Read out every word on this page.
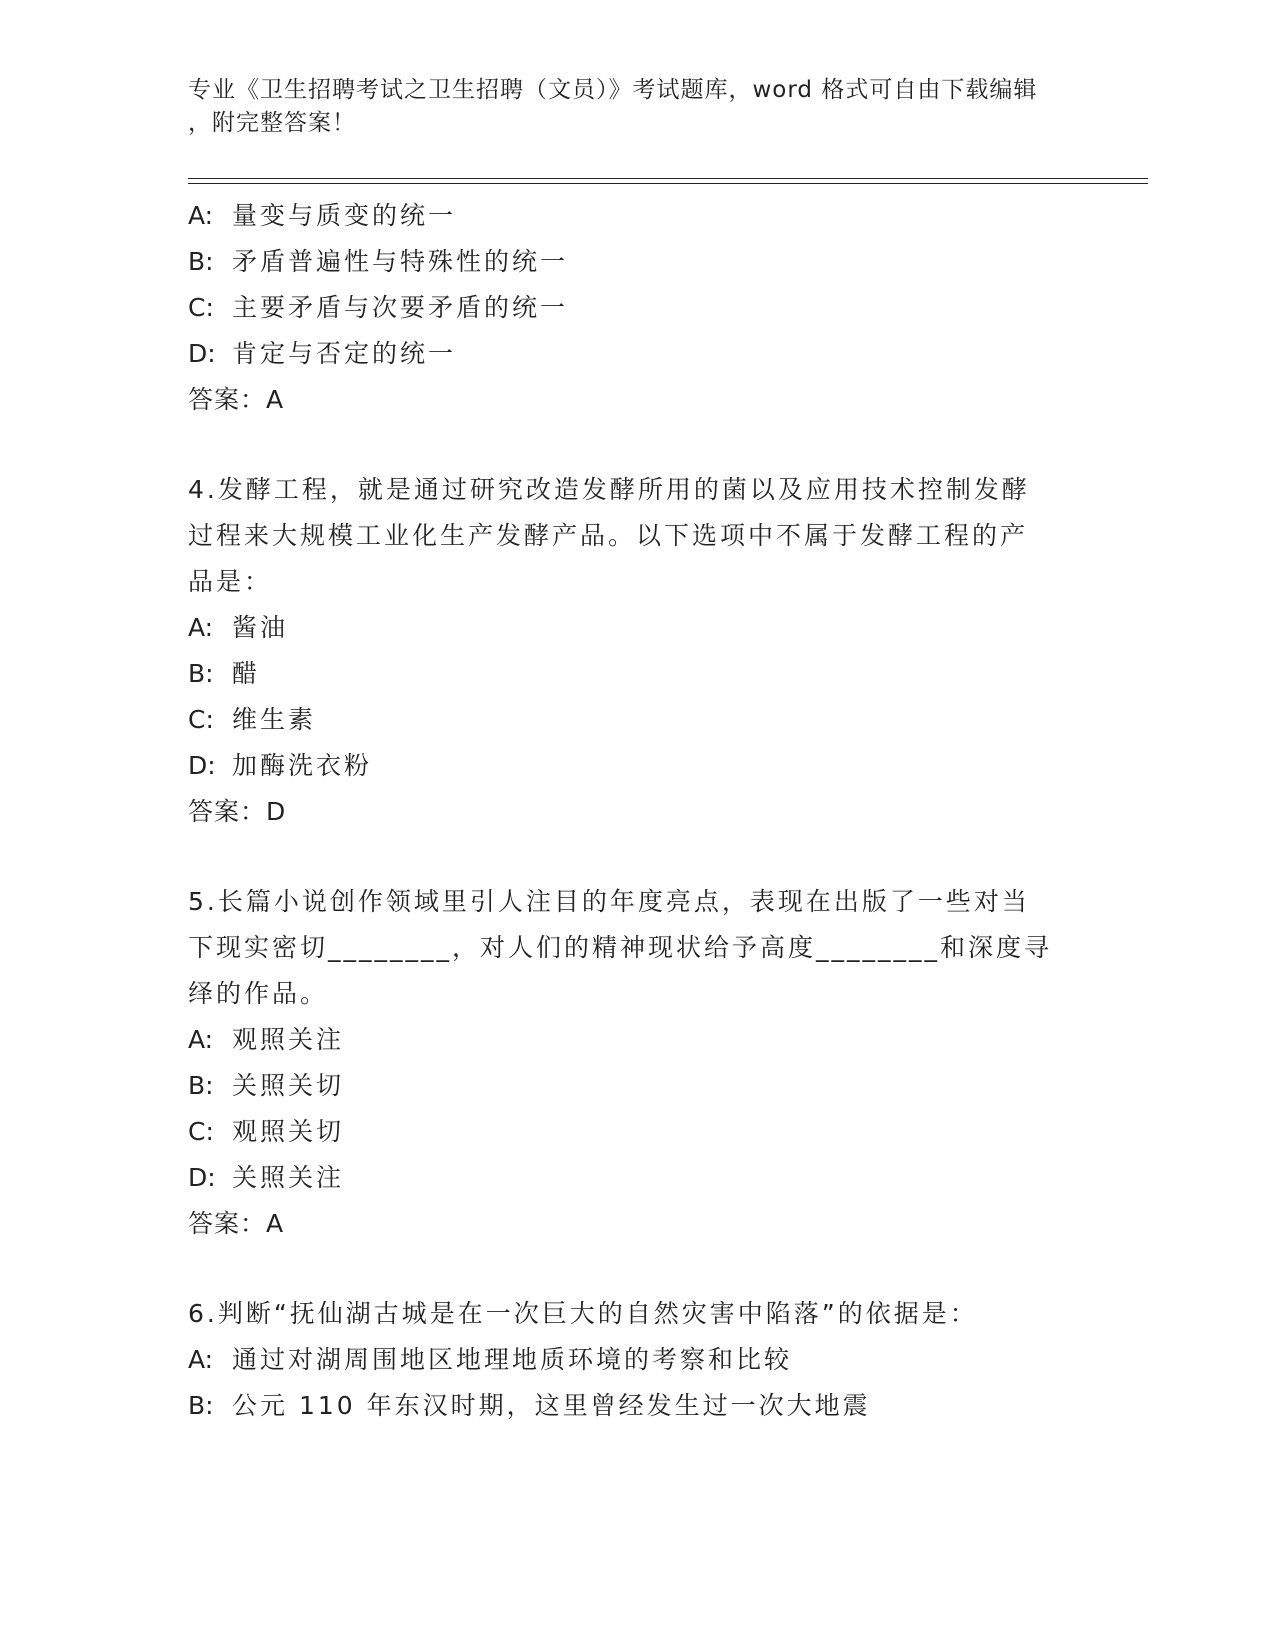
专业《卫生招聘考试之卫生招聘（文员）》考试题库，word 格式可自由下载编辑
，附完整答案！
A: 量变与质变的统一
B: 矛盾普遍性与特殊性的统一
C: 主要矛盾与次要矛盾的统一
D: 肯定与否定的统一
答案：A
4.发酵工程，就是通过研究改造发酵所用的菌以及应用技术控制发酵
过程来大规模工业化生产发酵产品。以下选项中不属于发酵工程的产
品是：
A: 酱油
B: 醋
C: 维生素
D: 加酶洗衣粉
答案：D
5.长篇小说创作领域里引人注目的年度亮点，表现在出版了一些对当
下现实密切________，对人们的精神现状给予高度________和深度寻
绎的作品。
A: 观照关注
B: 关照关切
C: 观照关切
D: 关照关注
答案：A
6.判断“抚仙湖古城是在一次巨大的自然灾害中陷落”的依据是：
A: 通过对湖周围地区地理地质环境的考察和比较
B: 公元 110 年东汉时期，这里曾经发生过一次大地震
